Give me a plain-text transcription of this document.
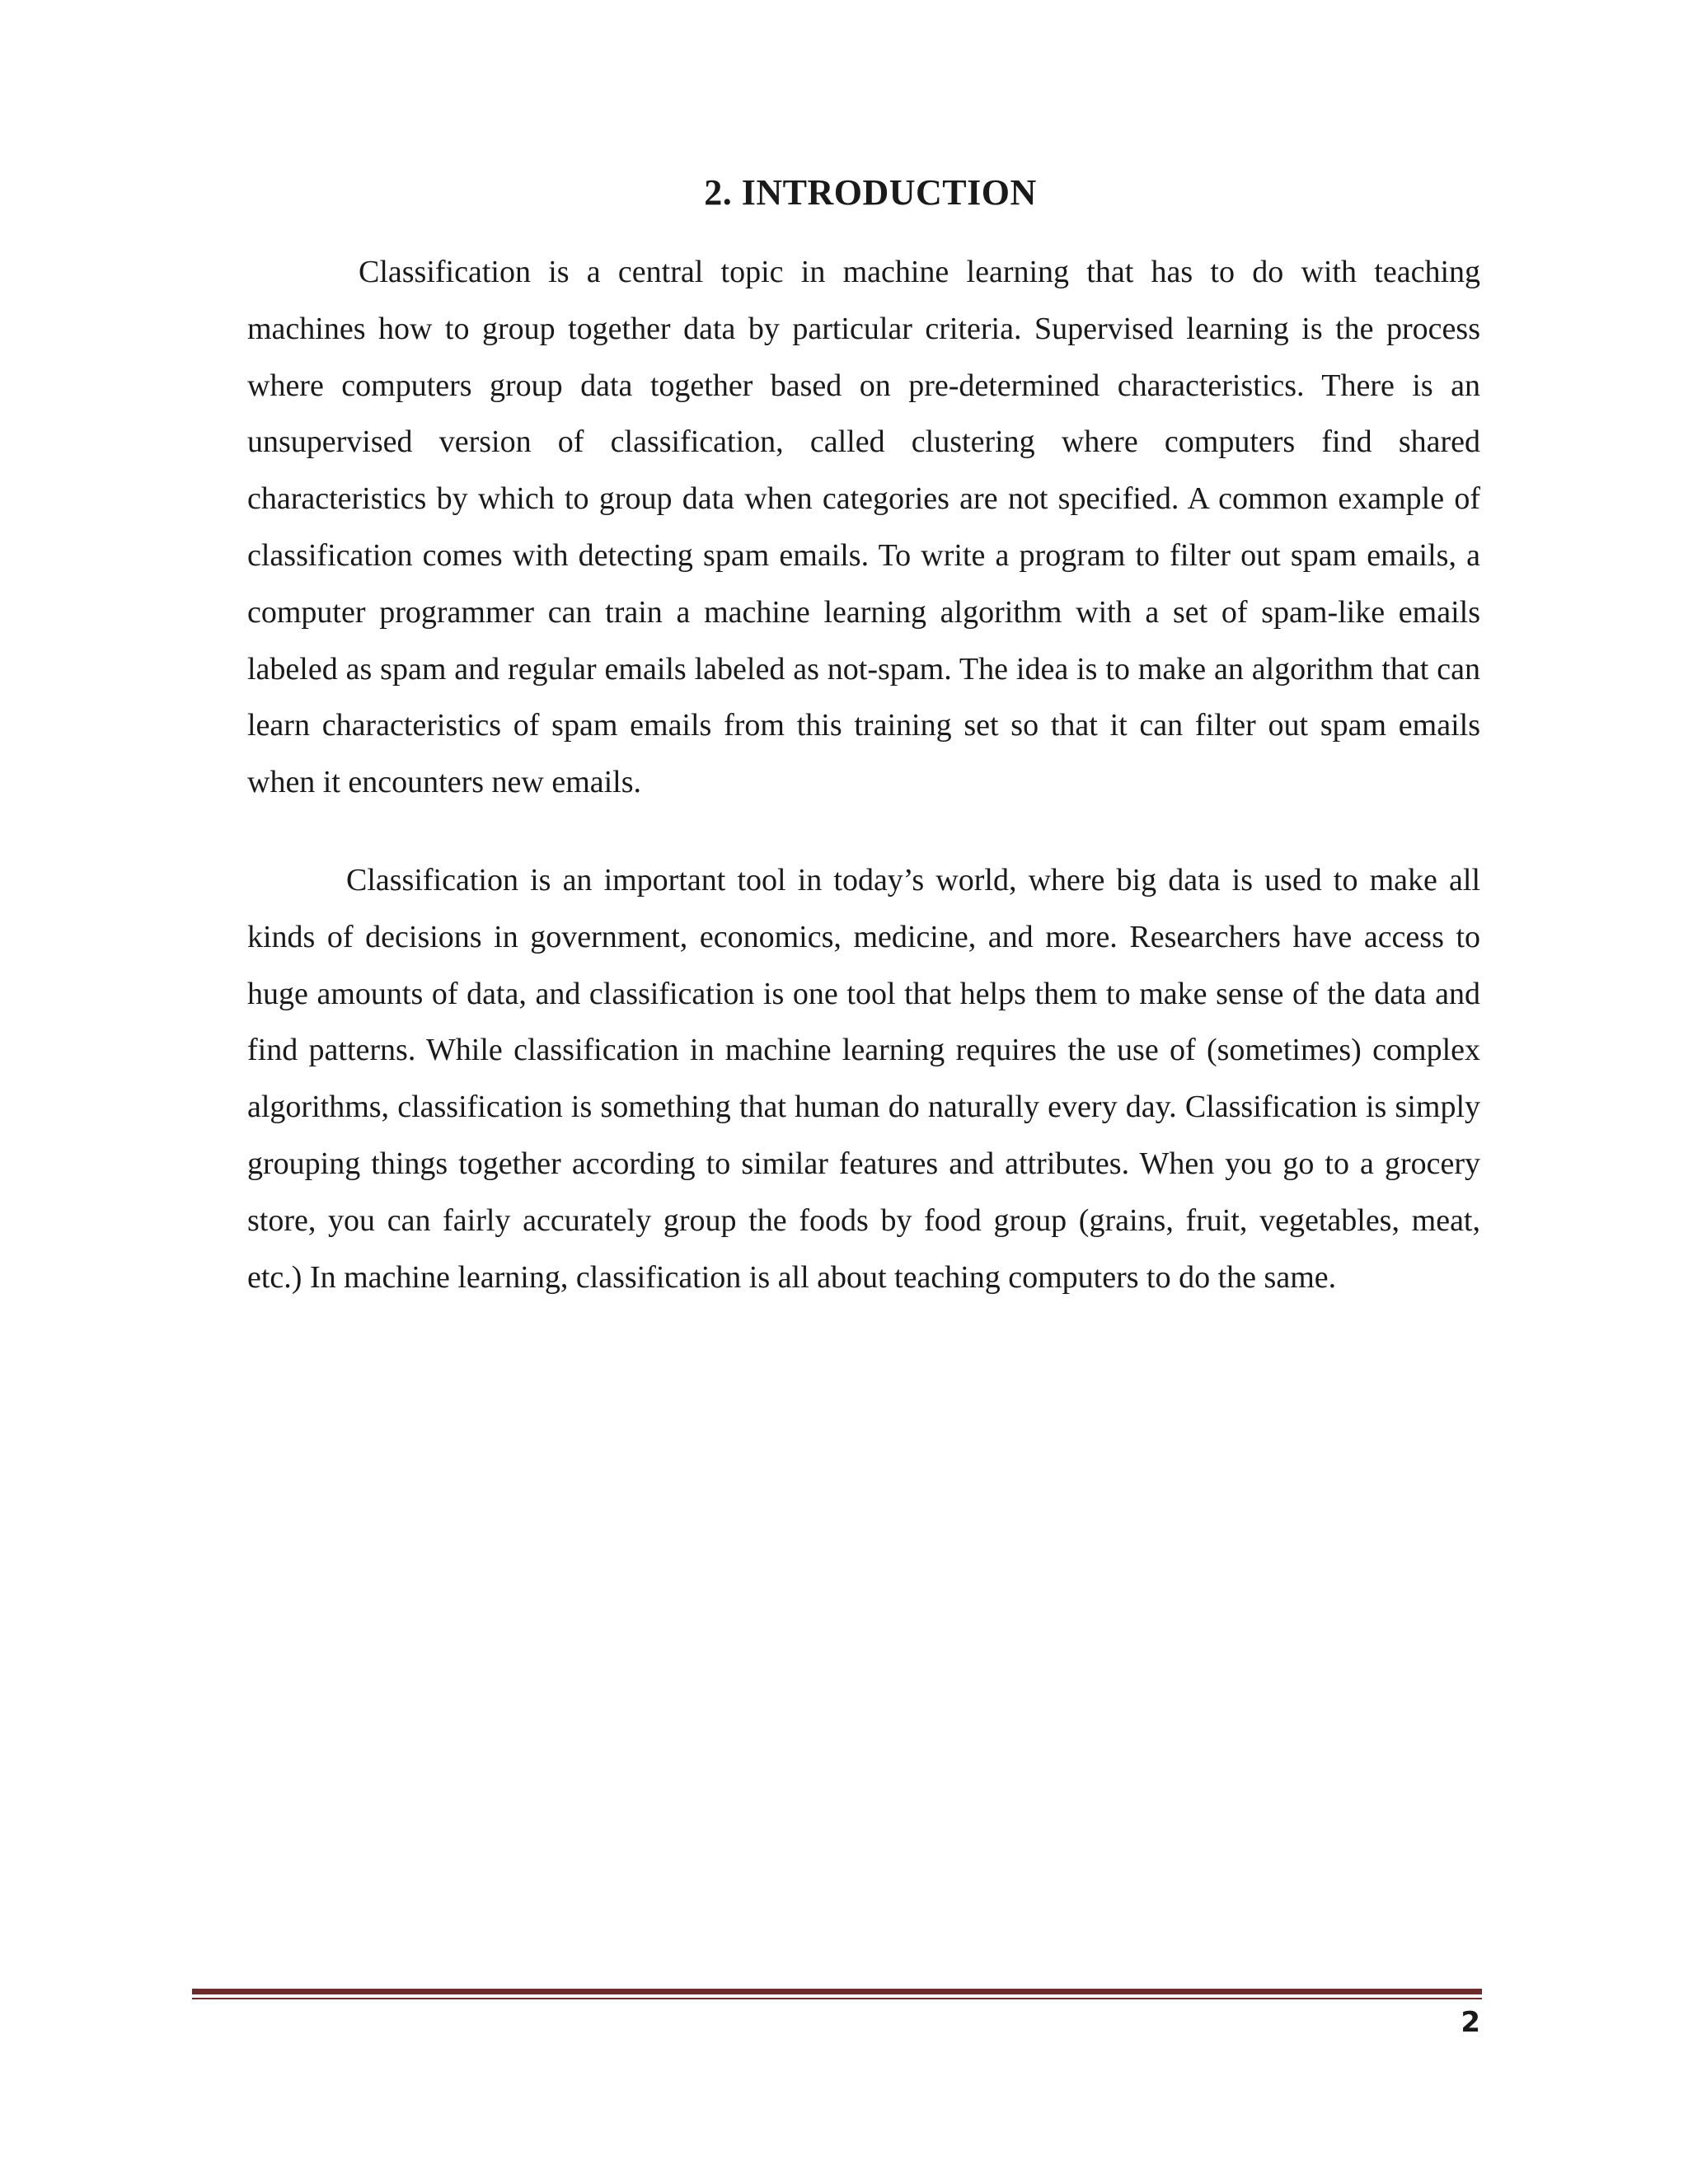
2. INTRODUCTION

Classification is a central topic in machine learning that has to do with teaching machines how to group together data by particular criteria. Supervised learning is the process where computers group data together based on pre-determined characteristics. There is an unsupervised version of classification, called clustering where computers find shared characteristics by which to group data when categories are not specified. A common example of classification comes with detecting spam emails. To write a program to filter out spam emails, a computer programmer can train a machine learning algorithm with a set of spam-like emails labeled as spam and regular emails labeled as not-spam. The idea is to make an algorithm that can learn characteristics of spam emails from this training set so that it can filter out spam emails when it encounters new emails.

Classification is an important tool in today’s world, where big data is used to make all kinds of decisions in government, economics, medicine, and more. Researchers have access to huge amounts of data, and classification is one tool that helps them to make sense of the data and find patterns. While classification in machine learning requires the use of (sometimes) complex algorithms, classification is something that human do naturally every day. Classification is simply grouping things together according to similar features and attributes. When you go to a grocery store, you can fairly accurately group the foods by food group (grains, fruit, vegetables, meat, etc.) In machine learning, classification is all about teaching computers to do the same.

2
